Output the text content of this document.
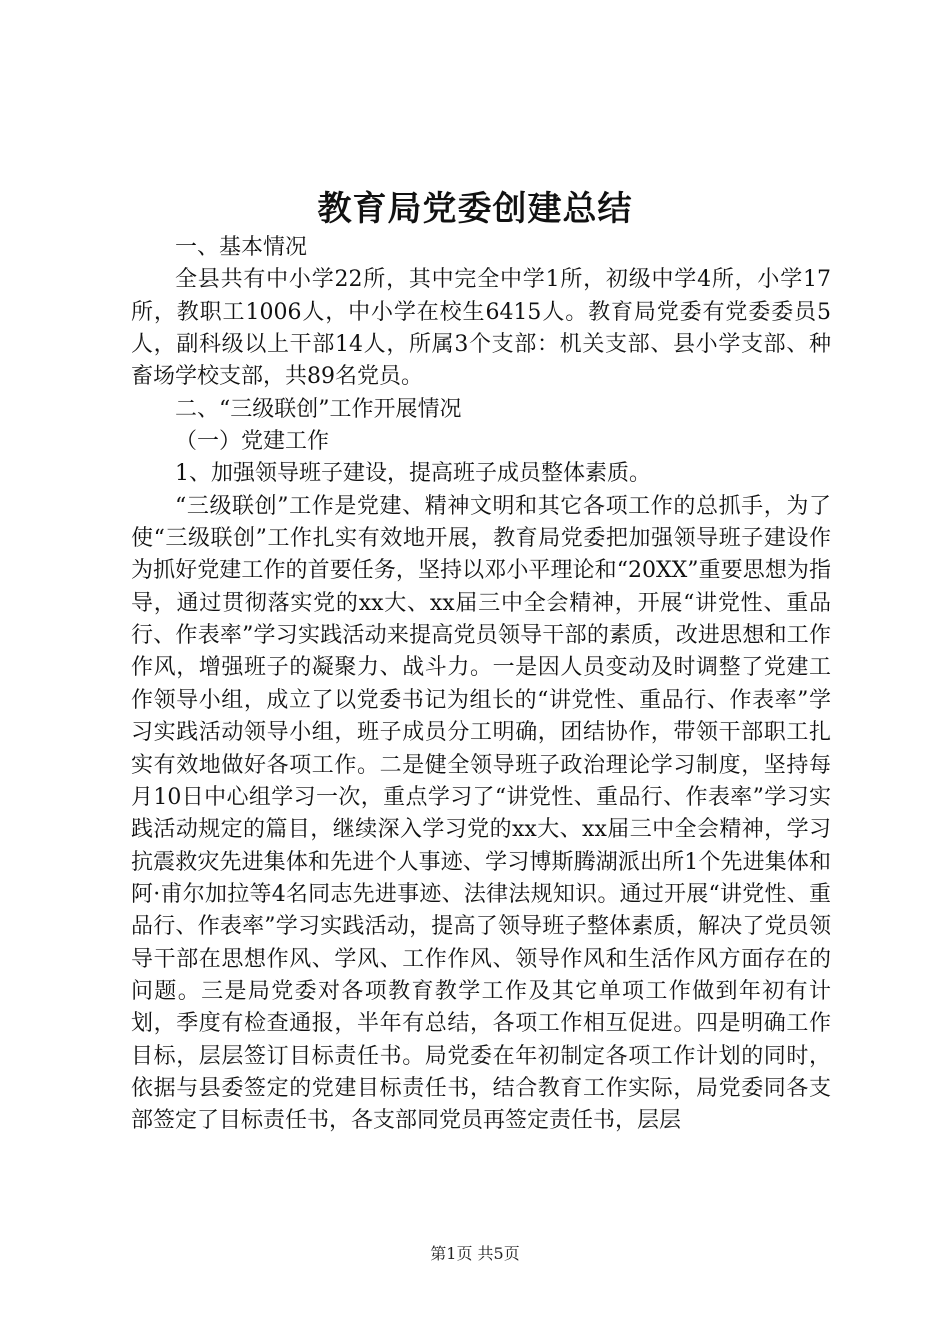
教育局党委创建总结

一、基本情况

全县共有中小学22所，其中完全中学1所，初级中学4所，小学17所，教职工1006人，中小学在校生6415人。教育局党委有党委委员5人，副科级以上干部14人，所属3个支部：机关支部、县小学支部、种畜场学校支部，共89名党员。

二、“三级联创”工作开展情况

（一）党建工作

1、加强领导班子建设，提高班子成员整体素质。

“三级联创”工作是党建、精神文明和其它各项工作的总抓手，为了使“三级联创”工作扎实有效地开展，教育局党委把加强领导班子建设作为抓好党建工作的首要任务，坚持以邓小平理论和“20XX”重要思想为指导，通过贯彻落实党的xx大、xx届三中全会精神，开展“讲党性、重品行、作表率”学习实践活动来提高党员领导干部的素质，改进思想和工作作风，增强班子的凝聚力、战斗力。一是因人员变动及时调整了党建工作领导小组，成立了以党委书记为组长的“讲党性、重品行、作表率”学习实践活动领导小组，班子成员分工明确，团结协作，带领干部职工扎实有效地做好各项工作。二是健全领导班子政治理论学习制度，坚持每月10日中心组学习一次，重点学习了“讲党性、重品行、作表率”学习实践活动规定的篇目，继续深入学习党的xx大、xx届三中全会精神，学习抗震救灾先进集体和先进个人事迹、学习博斯腾湖派出所1个先进集体和阿·甫尔加拉等4名同志先进事迹、法律法规知识。通过开展“讲党性、重品行、作表率”学习实践活动，提高了领导班子整体素质，解决了党员领导干部在思想作风、学风、工作作风、领导作风和生活作风方面存在的问题。三是局党委对各项教育教学工作及其它单项工作做到年初有计划，季度有检查通报，半年有总结，各项工作相互促进。四是明确工作目标，层层签订目标责任书。局党委在年初制定各项工作计划的同时，依据与县委签定的党建目标责任书，结合教育工作实际，局党委同各支部签定了目标责任书，各支部同党员再签定责任书，层层

第1页 共5页
